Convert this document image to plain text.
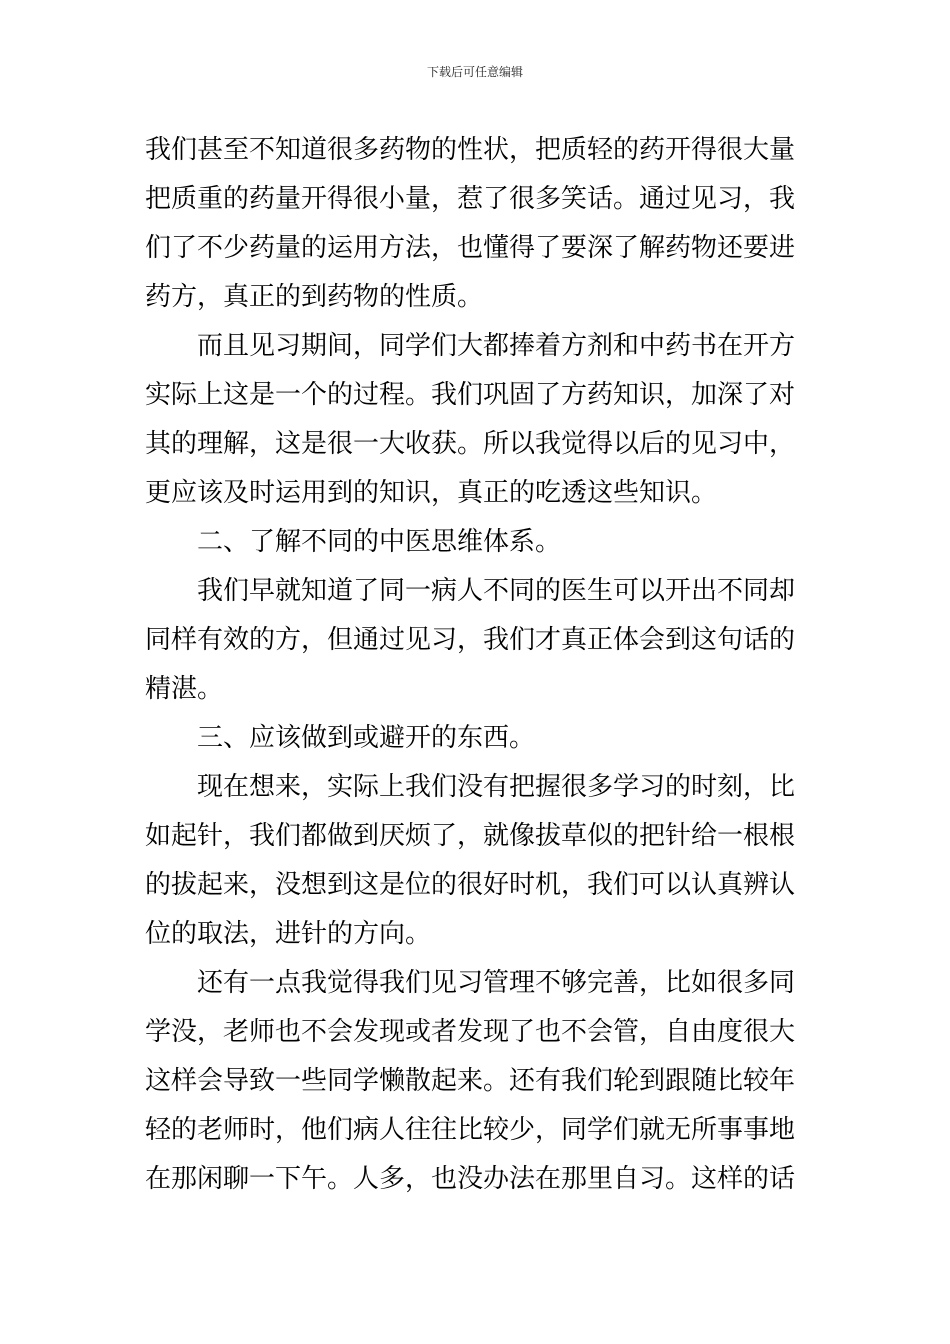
下载后可任意编辑
我们甚至不知道很多药物的性状，把质轻的药开得很大量
把质重的药量开得很小量，惹了很多笑话。通过见习，我
们了不少药量的运用方法，也懂得了要深了解药物还要进
药方，真正的到药物的性质。
而且见习期间，同学们大都捧着方剂和中药书在开方
实际上这是一个的过程。我们巩固了方药知识，加深了对
其的理解，这是很一大收获。所以我觉得以后的见习中，
更应该及时运用到的知识，真正的吃透这些知识。
二、了解不同的中医思维体系。
我们早就知道了同一病人不同的医生可以开出不同却
同样有效的方，但通过见习，我们才真正体会到这句话的
精湛。
三、应该做到或避开的东西。
现在想来，实际上我们没有把握很多学习的时刻，比
如起针，我们都做到厌烦了，就像拔草似的把针给一根根
的拔起来，没想到这是位的很好时机，我们可以认真辨认
位的取法，进针的方向。
还有一点我觉得我们见习管理不够完善，比如很多同
学没，老师也不会发现或者发现了也不会管，自由度很大
这样会导致一些同学懒散起来。还有我们轮到跟随比较年
轻的老师时，他们病人往往比较少，同学们就无所事事地
在那闲聊一下午。人多，也没办法在那里自习。这样的话
